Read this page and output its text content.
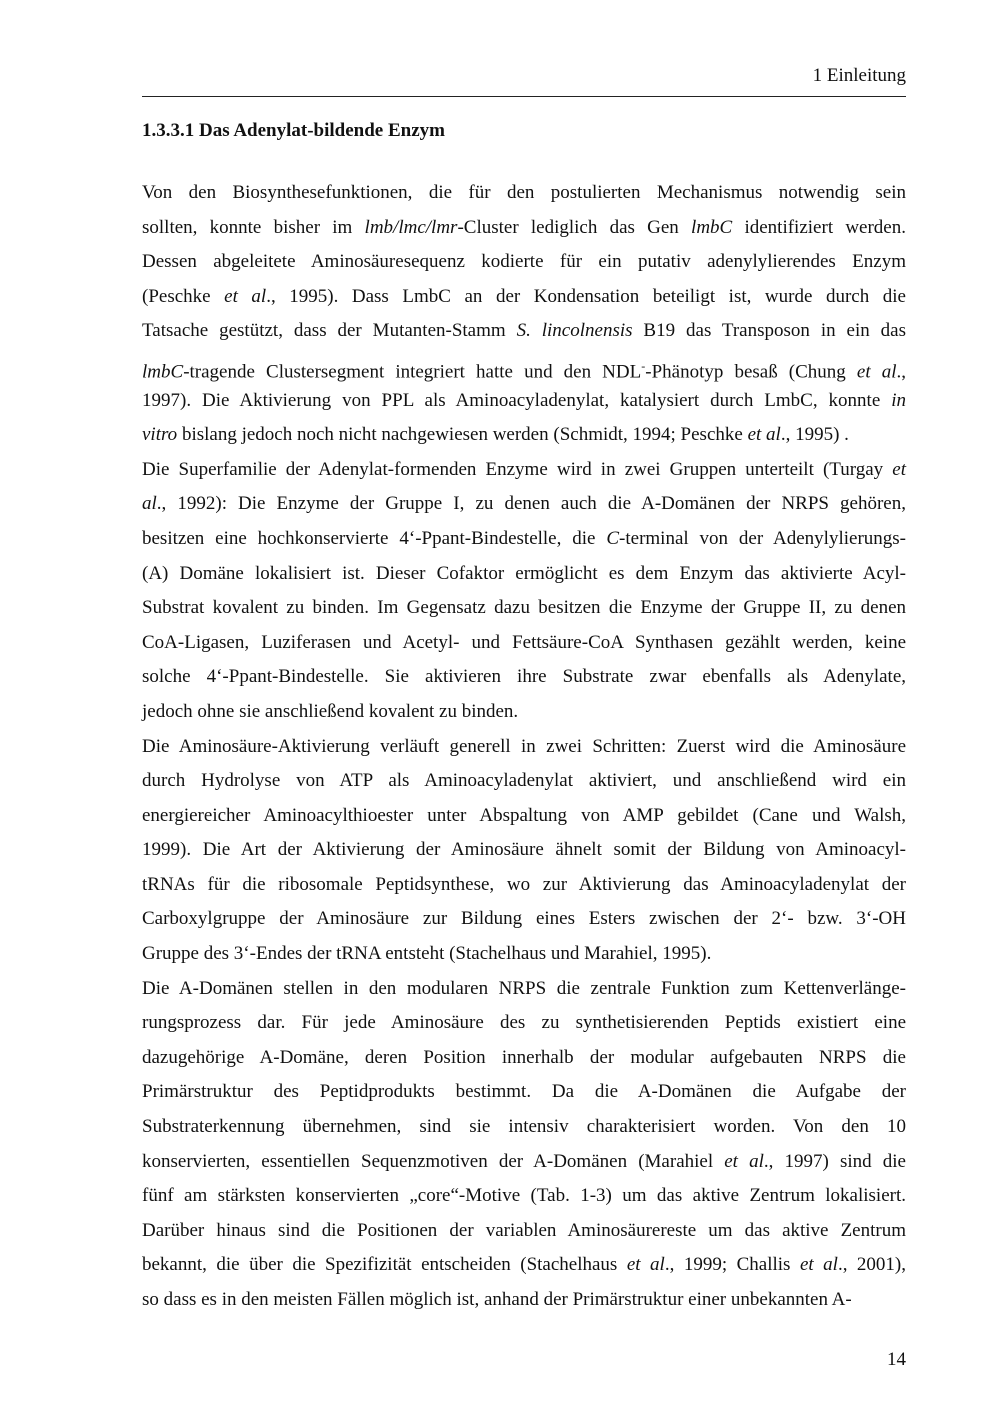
1 Einleitung
1.3.3.1 Das Adenylat-bildende Enzym
Von den Biosynthesefunktionen, die für den postulierten Mechanismus notwendig sein
sollten, konnte bisher im lmb/lmc/lmr-Cluster lediglich das Gen lmbC identifiziert werden.
Dessen abgeleitete Aminosäuresequenz kodierte für ein putativ adenylylierendes Enzym
(Peschke et al., 1995). Dass LmbC an der Kondensation beteiligt ist, wurde durch die
Tatsache gestützt, dass der Mutanten-Stamm S. lincolnensis B19 das Transposon in ein das
lmbC-tragende Clustersegment integriert hatte und den NDL--Phänotyp besaß (Chung et al.,
1997). Die Aktivierung von PPL als Aminoacyladenylat, katalysiert durch LmbC, konnte in
vitro bislang jedoch noch nicht nachgewiesen werden (Schmidt, 1994; Peschke et al., 1995) .
Die Superfamilie der Adenylat-formenden Enzyme wird in zwei Gruppen unterteilt (Turgay et
al., 1992): Die Enzyme der Gruppe I, zu denen auch die A-Domänen der NRPS gehören,
besitzen eine hochkonservierte 4‘-Ppant-Bindestelle, die C-terminal von der Adenylylierungs-
(A) Domäne lokalisiert ist. Dieser Cofaktor ermöglicht es dem Enzym das aktivierte Acyl-
Substrat kovalent zu binden. Im Gegensatz dazu besitzen die Enzyme der Gruppe II, zu denen
CoA-Ligasen, Luziferasen und Acetyl- und Fettsäure-CoA Synthasen gezählt werden, keine
solche 4‘-Ppant-Bindestelle. Sie aktivieren ihre Substrate zwar ebenfalls als Adenylate,
jedoch ohne sie anschließend kovalent zu binden.
Die Aminosäure-Aktivierung verläuft generell in zwei Schritten: Zuerst wird die Aminosäure
durch Hydrolyse von ATP als Aminoacyladenylat aktiviert, und anschließend wird ein
energiereicher Aminoacylthioester unter Abspaltung von AMP gebildet (Cane und Walsh,
1999). Die Art der Aktivierung der Aminosäure ähnelt somit der Bildung von Aminoacyl-
tRNAs für die ribosomale Peptidsynthese, wo zur Aktivierung das Aminoacyladenylat der
Carboxylgruppe der Aminosäure zur Bildung eines Esters zwischen der 2‘- bzw. 3‘-OH
Gruppe des 3‘-Endes der tRNA entsteht (Stachelhaus und Marahiel, 1995).
Die A-Domänen stellen in den modularen NRPS die zentrale Funktion zum Kettenverlänge-
rungsprozess dar. Für jede Aminosäure des zu synthetisierenden Peptids existiert eine
dazugehörige A-Domäne, deren Position innerhalb der modular aufgebauten NRPS die
Primärstruktur des Peptidprodukts bestimmt. Da die A-Domänen die Aufgabe der
Substraterkennung übernehmen, sind sie intensiv charakterisiert worden. Von den 10
konservierten, essentiellen Sequenzmotiven der A-Domänen (Marahiel et al., 1997) sind die
fünf am stärksten konservierten „core“-Motive (Tab. 1-3) um das aktive Zentrum lokalisiert.
Darüber hinaus sind die Positionen der variablen Aminosäurereste um das aktive Zentrum
bekannt, die über die Spezifizität entscheiden (Stachelhaus et al., 1999; Challis et al., 2001),
so dass es in den meisten Fällen möglich ist, anhand der Primärstruktur einer unbekannten A-
14
